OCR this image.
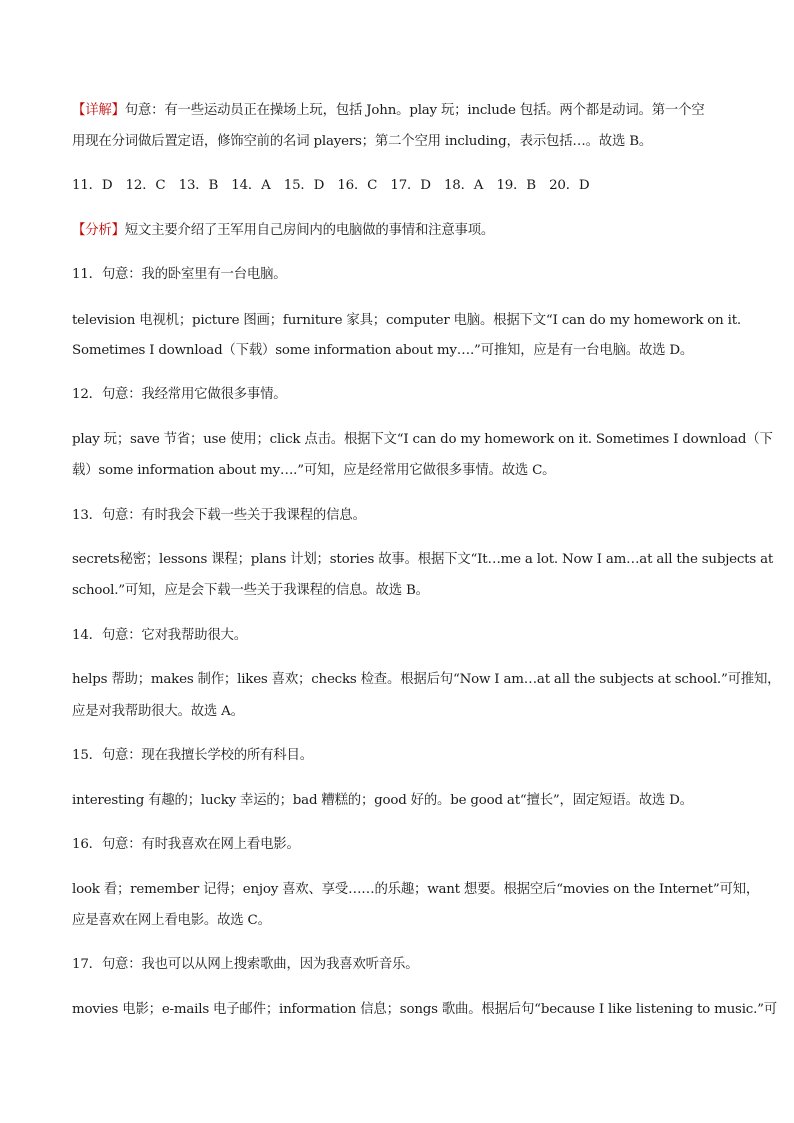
【详解】句意：有一些运动员正在操场上玩，包括 John。play 玩；include 包括。两个都是动词。第一个空
用现在分词做后置定语，修饰空前的名词 players；第二个空用 including，表示包括…。故选 B。
11．D　12．C　13．B　14．A　15．D　16．C　17．D　18．A　19．B　20．D
【分析】短文主要介绍了王军用自己房间内的电脑做的事情和注意事项。
11．句意：我的卧室里有一台电脑。
television 电视机；picture 图画；furniture 家具；computer 电脑。根据下文“I can do my homework on it.
Sometimes I download（下载）some information about my….”可推知，应是有一台电脑。故选 D。
12．句意：我经常用它做很多事情。
play 玩；save 节省；use 使用；click 点击。根据下文“I can do my homework on it. Sometimes I download（下
载）some information about my….”可知，应是经常用它做很多事情。故选 C。
13．句意：有时我会下载一些关于我课程的信息。
secrets秘密；lessons 课程；plans 计划；stories 故事。根据下文“It…me a lot. Now I am…at all the subjects at
school.”可知，应是会下载一些关于我课程的信息。故选 B。
14．句意：它对我帮助很大。
helps 帮助；makes 制作；likes 喜欢；checks 检查。根据后句“Now I am…at all the subjects at school.”可推知，
应是对我帮助很大。故选 A。
15．句意：现在我擅长学校的所有科目。
interesting 有趣的；lucky 幸运的；bad 糟糕的；good 好的。be good at“擅长”，固定短语。故选 D。
16．句意：有时我喜欢在网上看电影。
look 看；remember 记得；enjoy 喜欢、享受……的乐趣；want 想要。根据空后“movies on the Internet”可知，
应是喜欢在网上看电影。故选 C。
17．句意：我也可以从网上搜索歌曲，因为我喜欢听音乐。
movies 电影；e-mails 电子邮件；information 信息；songs 歌曲。根据后句“because I like listening to music.”可
